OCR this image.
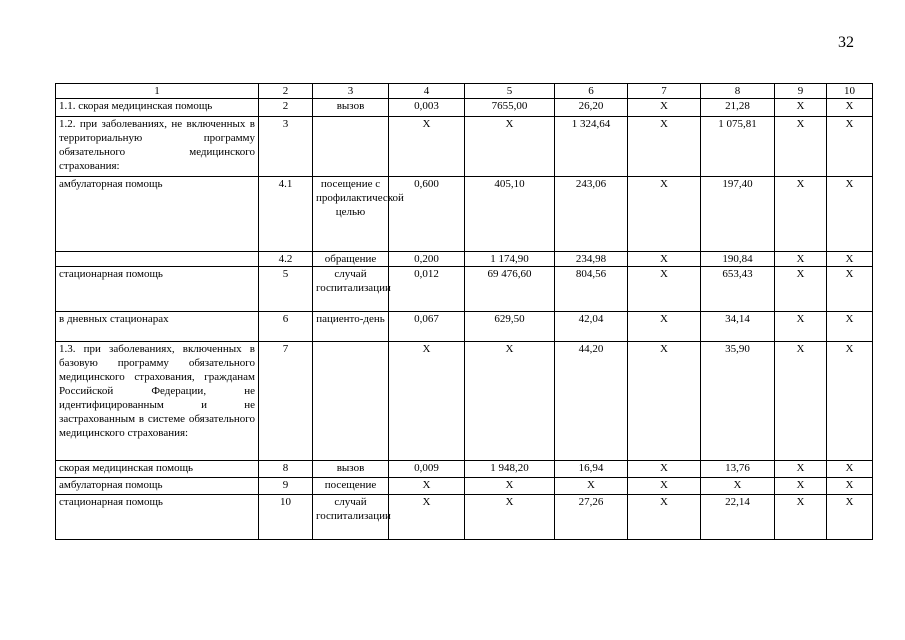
32
1	2	3	4	5	6	7	8	9	10
1.1. скорая медицинская помощь	2	вызов	0,003	7655,00	26,20	X	21,28	X	X
1.2. при заболеваниях, не включенных в территориальную программу обязательного медицинского страхования:	3		X	X	1 324,64	X	1 075,81	X	X
амбулаторная помощь	4.1	посещение с профилактической целью	0,600	405,10	243,06	X	197,40	X	X
	4.2	обращение	0,200	1 174,90	234,98	X	190,84	X	X
стационарная помощь	5	случай госпитализации	0,012	69 476,60	804,56	X	653,43	X	X
в дневных стационарах	6	пациенто-день	0,067	629,50	42,04	X	34,14	X	X
1.3. при заболеваниях, включенных в базовую программу обязательного медицинского страхования, гражданам Российской Федерации, не идентифицированным и не застрахованным в системе обязательного медицинского страхования:	7		X	X	44,20	X	35,90	X	X
скорая медицинская помощь	8	вызов	0,009	1 948,20	16,94	X	13,76	X	X
амбулаторная помощь	9	посещение	X	X	X	X	X	X	X
стационарная помощь	10	случай госпитализации	X	X	27,26	X	22,14	X	X
